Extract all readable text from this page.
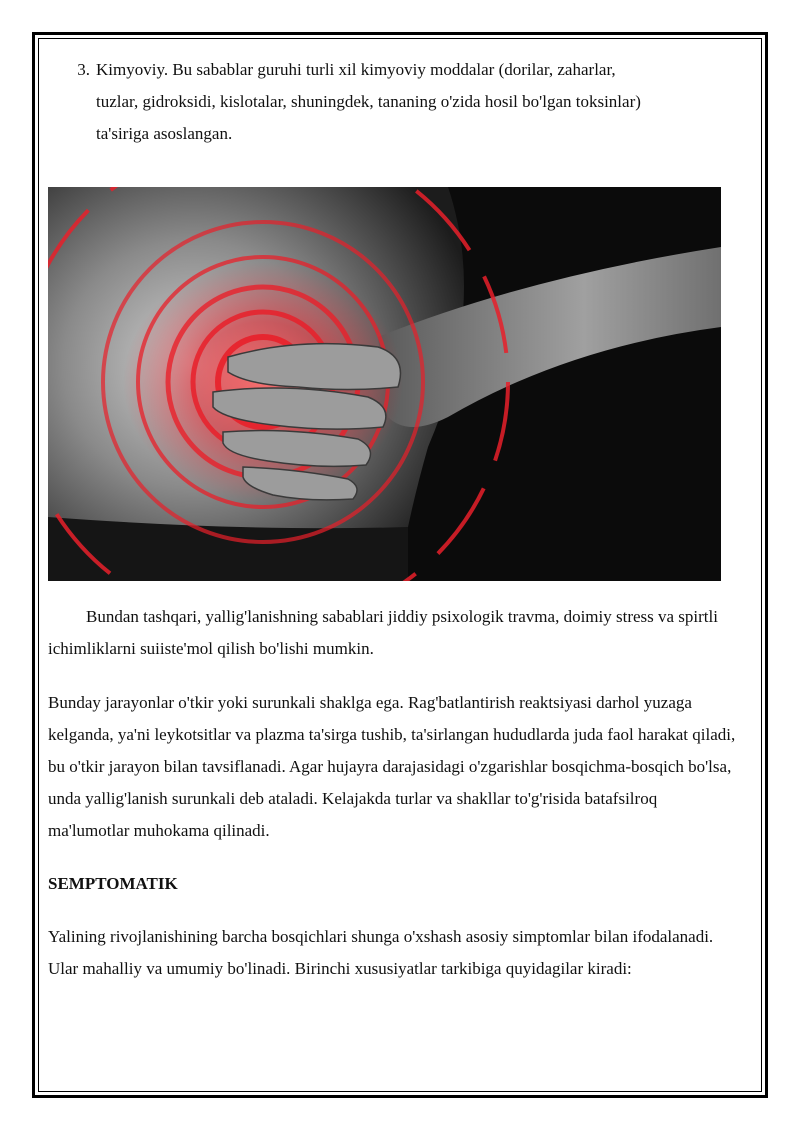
3. Kimyoviy. Bu sabablar guruhi turli xil kimyoviy moddalar (dorilar, zaharlar,
tuzlar, gidroksidi, kislotalar, shuningdek, tananing o'zida hosil bo'lgan toksinlar)
ta'siriga asoslangan.

Bundan tashqari, yallig'lanishning sabablari jiddiy psixologik travma, doimiy stress va spirtli ichimliklarni suiiste'mol qilish bo'lishi mumkin.

Bunday jarayonlar o'tkir yoki surunkali shaklga ega. Rag'batlantirish reaktsiyasi darhol yuzaga kelganda, ya'ni leykotsitlar va plazma ta'sirga tushib, ta'sirlangan hududlarda juda faol harakat qiladi, bu o'tkir jarayon bilan tavsiflanadi. Agar hujayra darajasidagi o'zgarishlar bosqichma-bosqich bo'lsa, unda yallig'lanish surunkali deb ataladi. Kelajakda turlar va shakllar to'g'risida batafsilroq ma'lumotlar muhokama qilinadi.

SEMPTOMATIK

Yalining rivojlanishining barcha bosqichlari shunga o'xshash asosiy simptomlar bilan ifodalanadi. Ular mahalliy va umumiy bo'linadi. Birinchi xususiyatlar tarkibiga quyidagilar kiradi:
